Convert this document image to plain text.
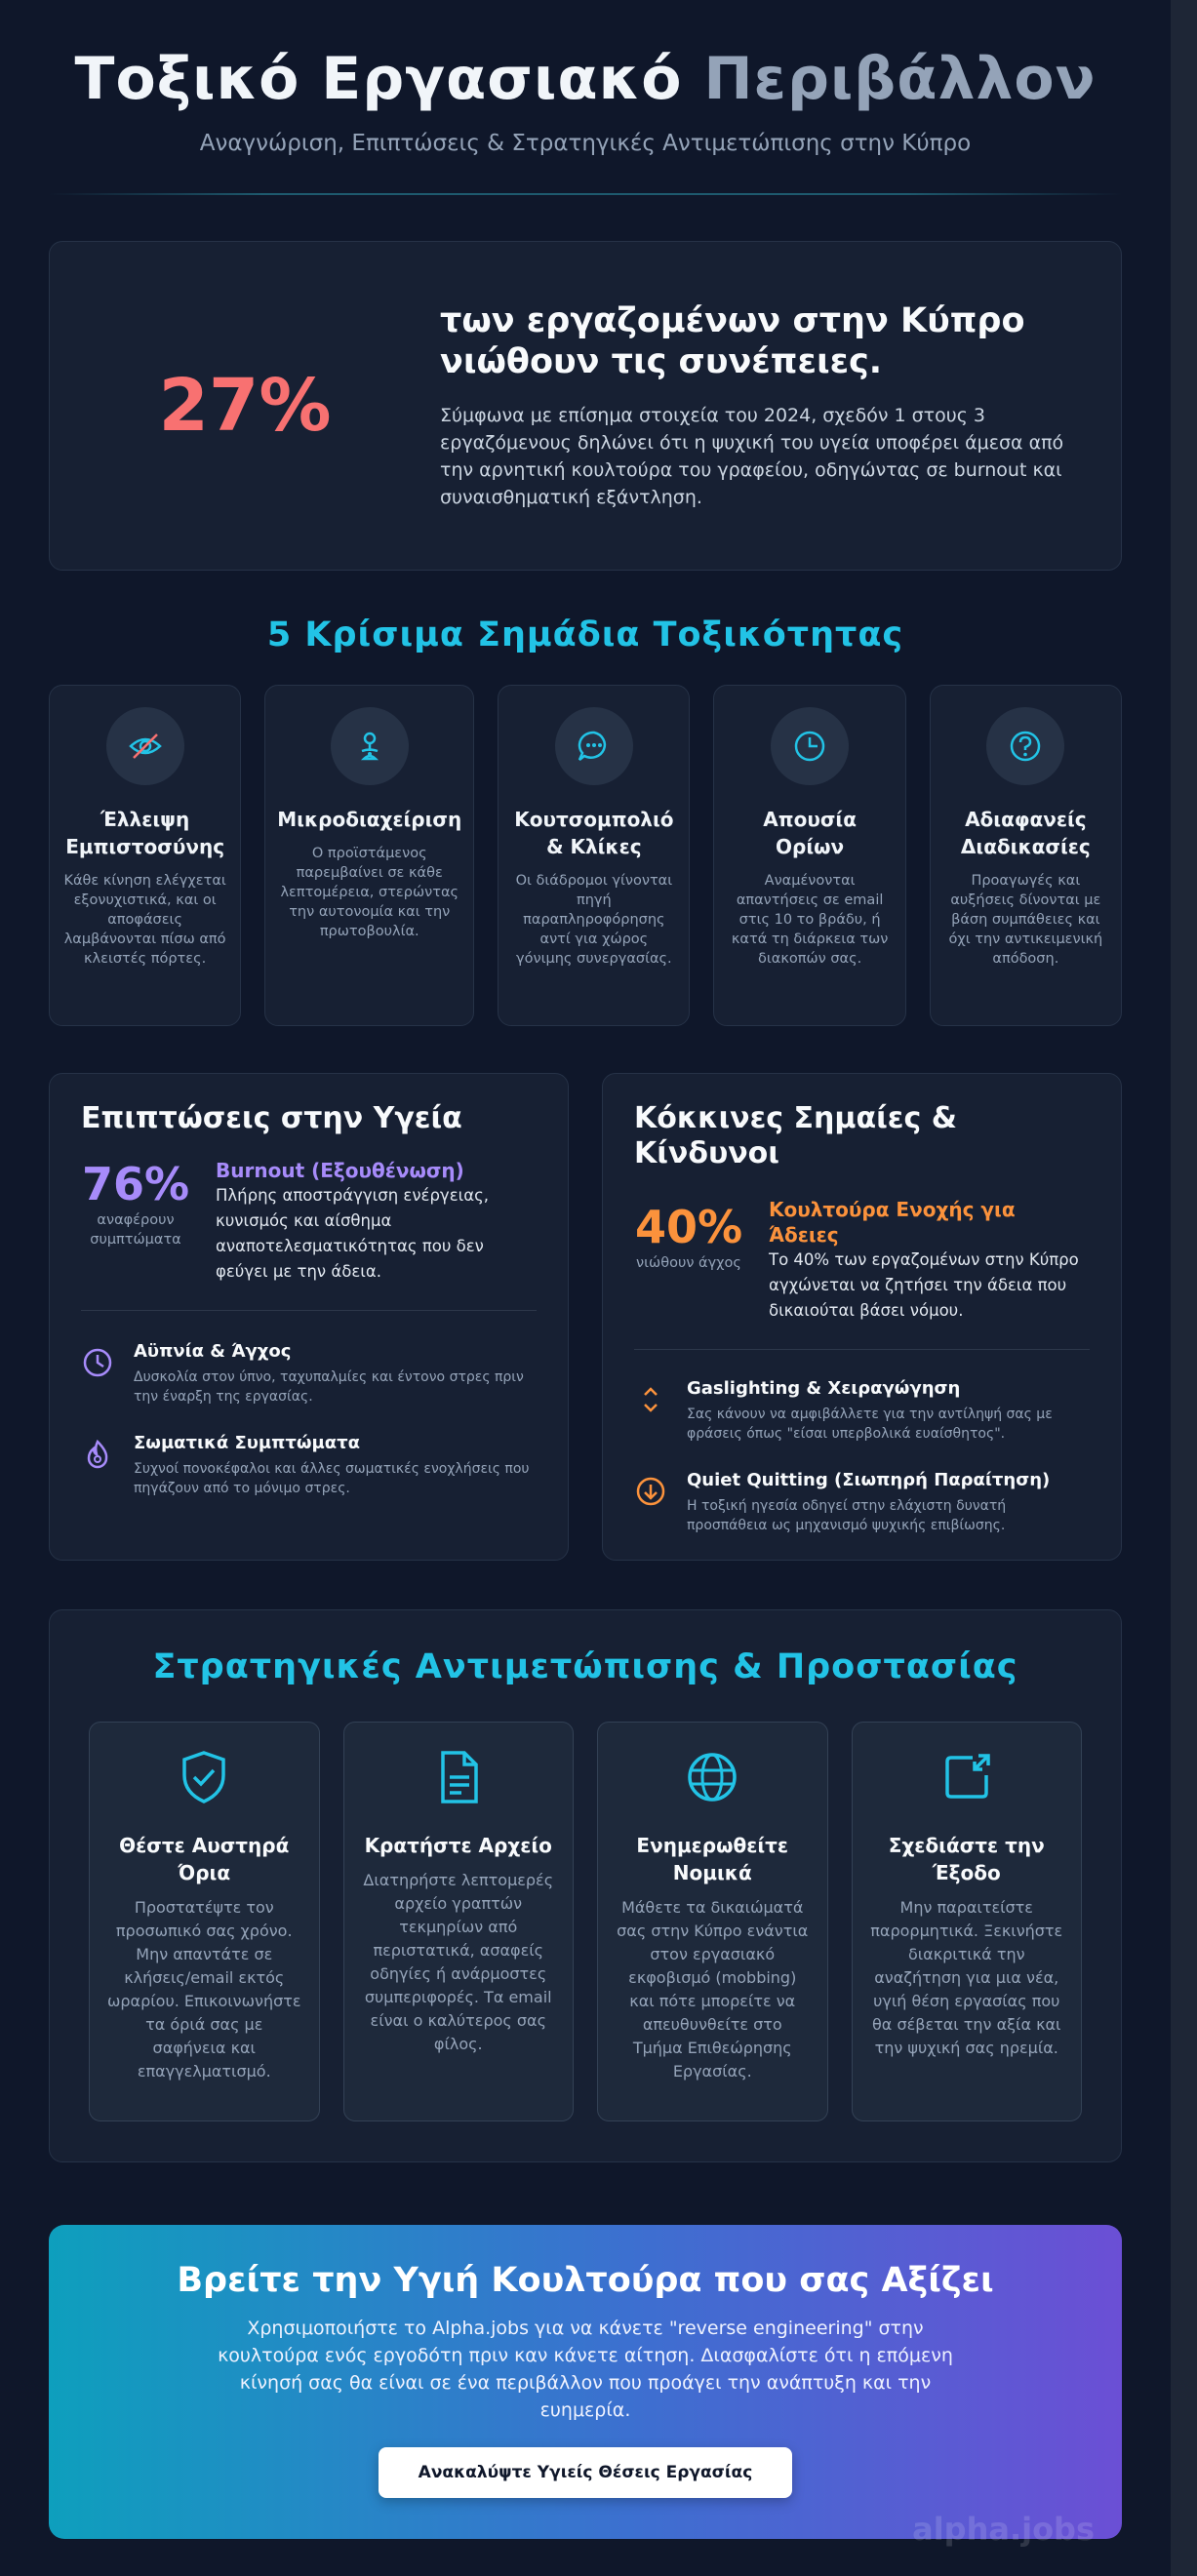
Τοξικό Εργασιακό Περιβάλλον
Αναγνώριση, Επιπτώσεις & Στρατηγικές Αντιμετώπισης στην Κύπρο
27%
των εργαζομένων στην Κύπρο νιώθουν τις συνέπειες.

Σύμφωνα με επίσημα στοιχεία του 2024, σχεδόν 1 στους 3 εργαζόμενους δηλώνει ότι η ψυχική του υγεία υποφέρει άμεσα από την αρνητική κουλτούρα του γραφείου, οδηγώντας σε burnout και συναισθηματική εξάντληση.

5 Κρίσιμα Σημάδια Τοξικότητας
Έλλειψη Εμπιστοσύνης

Κάθε κίνηση ελέγχεται εξονυχιστικά, και οι αποφάσεις λαμβάνονται πίσω από κλειστές πόρτες.

Μικροδιαχείριση

Ο προϊστάμενος παρεμβαίνει σε κάθε λεπτομέρεια, στερώντας την αυτονομία και την πρωτοβουλία.

Κουτσομπολιό & Κλίκες

Οι διάδρομοι γίνονται πηγή παραπληροφόρησης αντί για χώρος γόνιμης συνεργασίας.

Απουσία Ορίων

Αναμένονται απαντήσεις σε email στις 10 το βράδυ, ή κατά τη διάρκεια των διακοπών σας.

Αδιαφανείς Διαδικασίες

Προαγωγές και αυξήσεις δίνονται με βάση συμπάθειες και όχι την αντικειμενική απόδοση.

Επιπτώσεις στην Υγεία
76%
αναφέρουν συμπτώματα
Burnout (Εξουθένωση)

Πλήρης αποστράγγιση ενέργειας, κυνισμός και αίσθημα αναποτελεσματικότητας που δεν φεύγει με την άδεια.

Αϋπνία & Άγχος

Δυσκολία στον ύπνο, ταχυπαλμίες και έντονο στρες πριν την έναρξη της εργασίας.

Σωματικά Συμπτώματα

Συχνοί πονοκέφαλοι και άλλες σωματικές ενοχλήσεις που πηγάζουν από το μόνιμο στρες.

Κόκκινες Σημαίες & Κίνδυνοι
40%
νιώθουν άγχος
Κουλτούρα Ενοχής για Άδειες

Το 40% των εργαζομένων στην Κύπρο αγχώνεται να ζητήσει την άδεια που δικαιούται βάσει νόμου.

Gaslighting & Χειραγώγηση

Σας κάνουν να αμφιβάλλετε για την αντίληψή σας με φράσεις όπως "είσαι υπερβολικά ευαίσθητος".

Quiet Quitting (Σιωπηρή Παραίτηση)

Η τοξική ηγεσία οδηγεί στην ελάχιστη δυνατή προσπάθεια ως μηχανισμό ψυχικής επιβίωσης.

Στρατηγικές Αντιμετώπισης & Προστασίας
Θέστε Αυστηρά Όρια

Προστατέψτε τον προσωπικό σας χρόνο. Μην απαντάτε σε κλήσεις/email εκτός ωραρίου. Επικοινωνήστε τα όριά σας με σαφήνεια και επαγγελματισμό.

Κρατήστε Αρχείο

Διατηρήστε λεπτομερές αρχείο γραπτών τεκμηρίων από περιστατικά, ασαφείς οδηγίες ή ανάρμοστες συμπεριφορές. Τα email είναι ο καλύτερος σας φίλος.

Ενημερωθείτε Νομικά

Μάθετε τα δικαιώματά σας στην Κύπρο ενάντια στον εργασιακό εκφοβισμό (mobbing) και πότε μπορείτε να απευθυνθείτε στο Τμήμα Επιθεώρησης Εργασίας.

Σχεδιάστε την Έξοδο

Μην παραιτείστε παρορμητικά. Ξεκινήστε διακριτικά την αναζήτηση για μια νέα, υγιή θέση εργασίας που θα σέβεται την αξία και την ψυχική σας ηρεμία.

Βρείτε την Υγιή Κουλτούρα που σας Αξίζει

Χρησιμοποιήστε το Alpha.jobs για να κάνετε "reverse engineering" στην κουλτούρα ενός εργοδότη πριν καν κάνετε αίτηση. Διασφαλίστε ότι η επόμενη κίνησή σας θα είναι σε ένα περιβάλλον που προάγει την ανάπτυξη και την ευημερία.

Ανακαλύψτε Υγιείς Θέσεις Εργασίας
alpha.jobs
